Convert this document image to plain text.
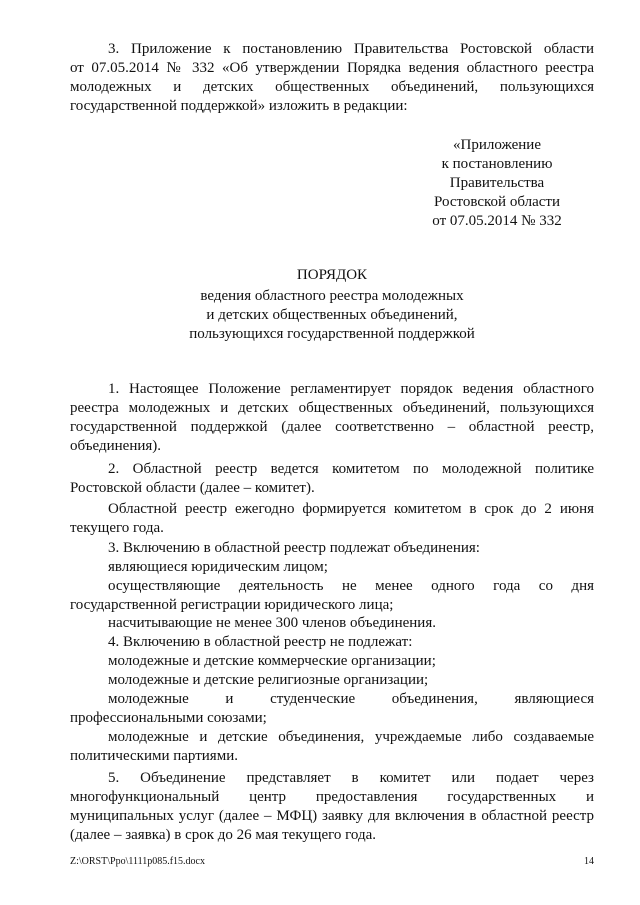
3. Приложение к постановлению Правительства Ростовской области
от 07.05.2014 № 332 «Об утверждении Порядка ведения областного реестра
молодежных и детских общественных объединений, пользующихся
государственной поддержкой» изложить в редакции:
«Приложение
к постановлению
Правительства
Ростовской области
от 07.05.2014 № 332
ПОРЯДОК
ведения областного реестра молодежных
и детских общественных объединений,
пользующихся государственной поддержкой
1. Настоящее Положение регламентирует порядок ведения областного
реестра молодежных и детских общественных объединений, пользующихся
государственной поддержкой (далее соответственно – областной реестр,
объединения).
2. Областной реестр ведется комитетом по молодежной политике
Ростовской области (далее – комитет).
Областной реестр ежегодно формируется комитетом в срок до 2 июня
текущего года.
3. Включению в областной реестр подлежат объединения:
являющиеся юридическим лицом;
осуществляющие деятельность не менее одного года со дня
государственной регистрации юридического лица;
насчитывающие не менее 300 членов объединения.
4. Включению в областной реестр не подлежат:
молодежные и детские коммерческие организации;
молодежные и детские религиозные организации;
молодежные и студенческие объединения, являющиеся
профессиональными союзами;
молодежные и детские объединения, учреждаемые либо создаваемые
политическими партиями.
5. Объединение представляет в комитет или подает через
многофункциональный центр предоставления государственных и
муниципальных услуг (далее – МФЦ) заявку для включения в областной реестр
(далее – заявка) в срок до 26 мая текущего года.
Z:\ORST\Ppo\1111p085.f15.docx	14
